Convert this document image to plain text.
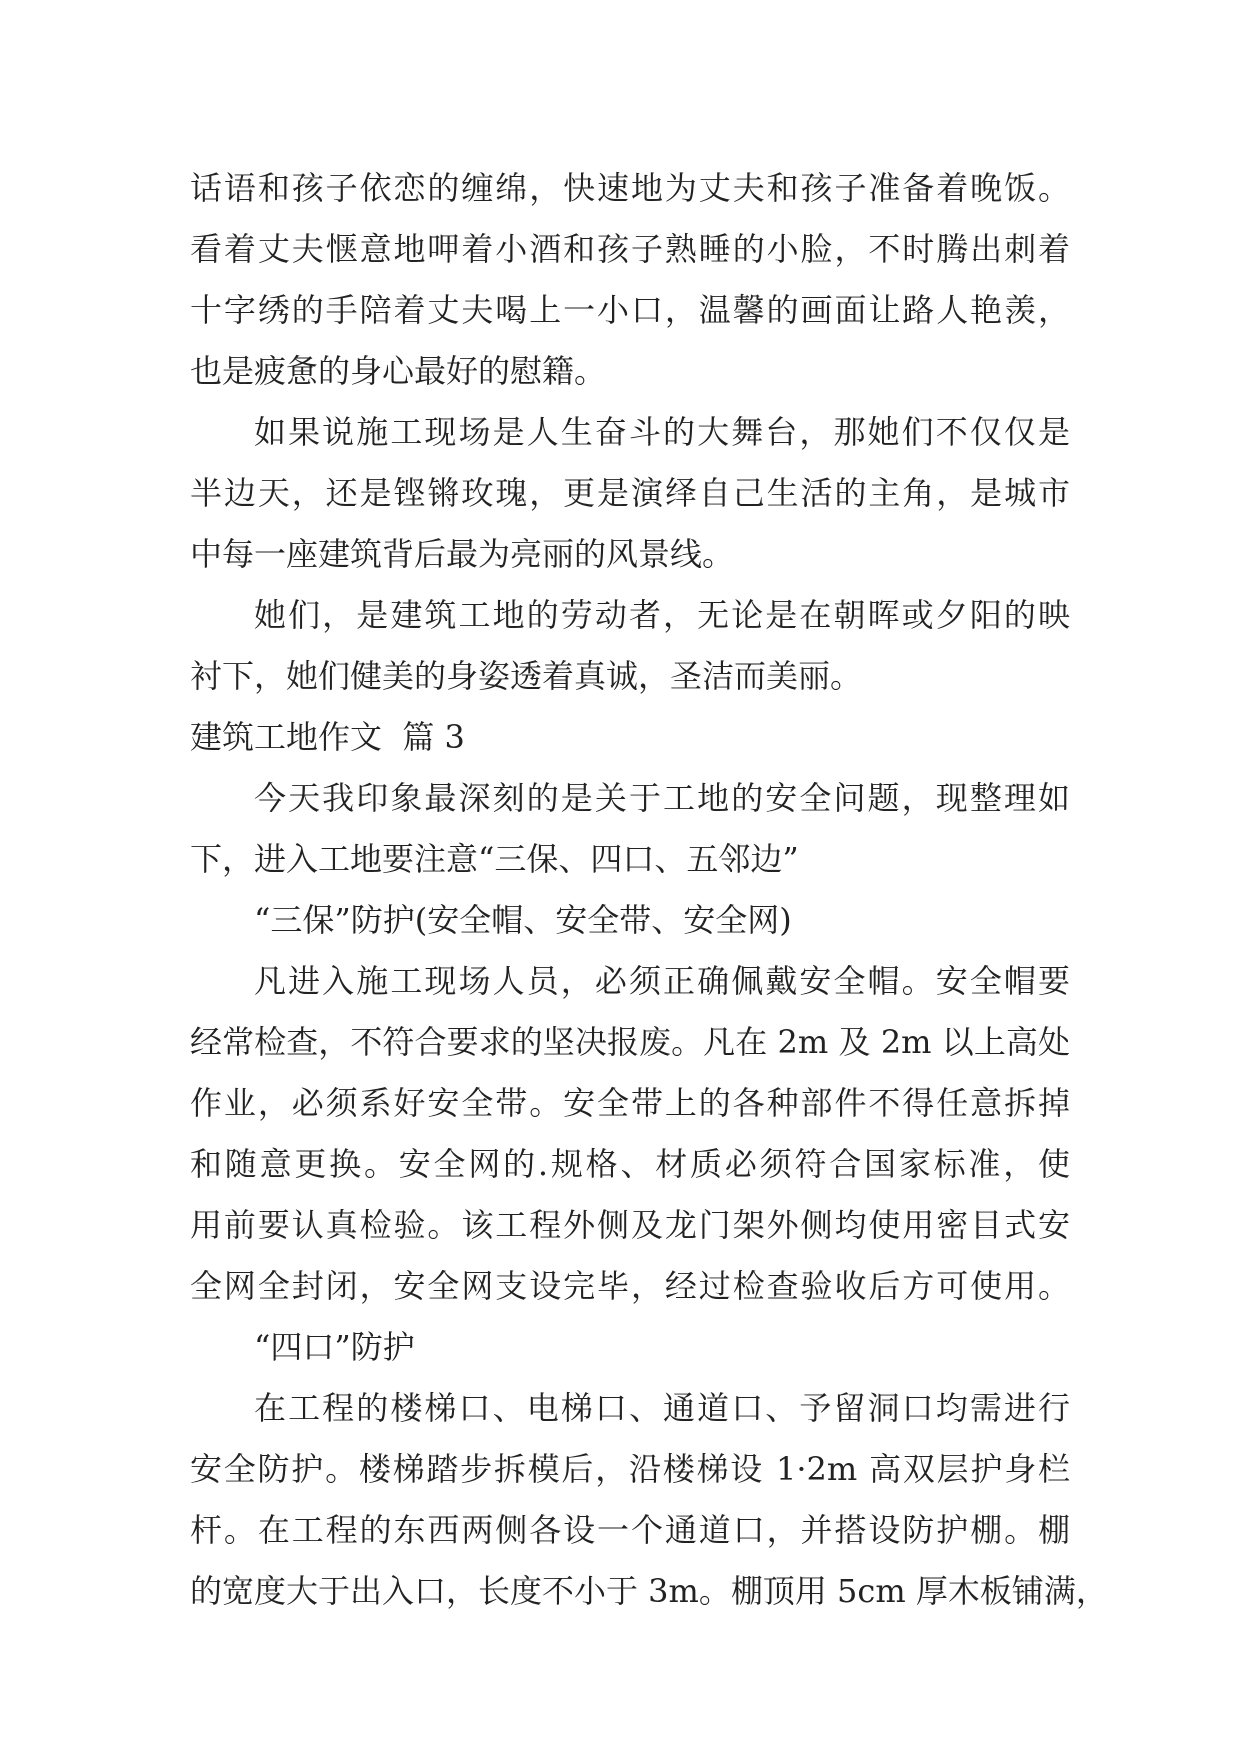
话语和孩子依恋的缠绵，快速地为丈夫和孩子准备着晚饭。
看着丈夫惬意地呷着小酒和孩子熟睡的小脸，不时腾出刺着
十字绣的手陪着丈夫喝上一小口，温馨的画面让路人艳羡，
也是疲惫的身心最好的慰籍。
如果说施工现场是人生奋斗的大舞台，那她们不仅仅是
半边天，还是铿锵玫瑰，更是演绎自己生活的主角，是城市
中每一座建筑背后最为亮丽的风景线。
她们，是建筑工地的劳动者，无论是在朝晖或夕阳的映
衬下，她们健美的身姿透着真诚，圣洁而美丽。
建筑工地作文  篇 3
今天我印象最深刻的是关于工地的安全问题，现整理如
下，进入工地要注意“三保、四口、五邻边”
“三保”防护(安全帽、安全带、安全网)
凡进入施工现场人员，必须正确佩戴安全帽。安全帽要
经常检查，不符合要求的坚决报废。凡在 2m 及 2m 以上高处
作业，必须系好安全带。安全带上的各种部件不得任意拆掉
和随意更换。安全网的.规格、材质必须符合国家标准，使
用前要认真检验。该工程外侧及龙门架外侧均使用密目式安
全网全封闭，安全网支设完毕，经过检查验收后方可使用。
“四口”防护
在工程的楼梯口、电梯口、通道口、予留洞口均需进行
安全防护。楼梯踏步拆模后，沿楼梯设 1·2m 高双层护身栏
杆。在工程的东西两侧各设一个通道口，并搭设防护棚。棚
的宽度大于出入口，长度不小于 3m。棚顶用 5cm 厚木板铺满，
